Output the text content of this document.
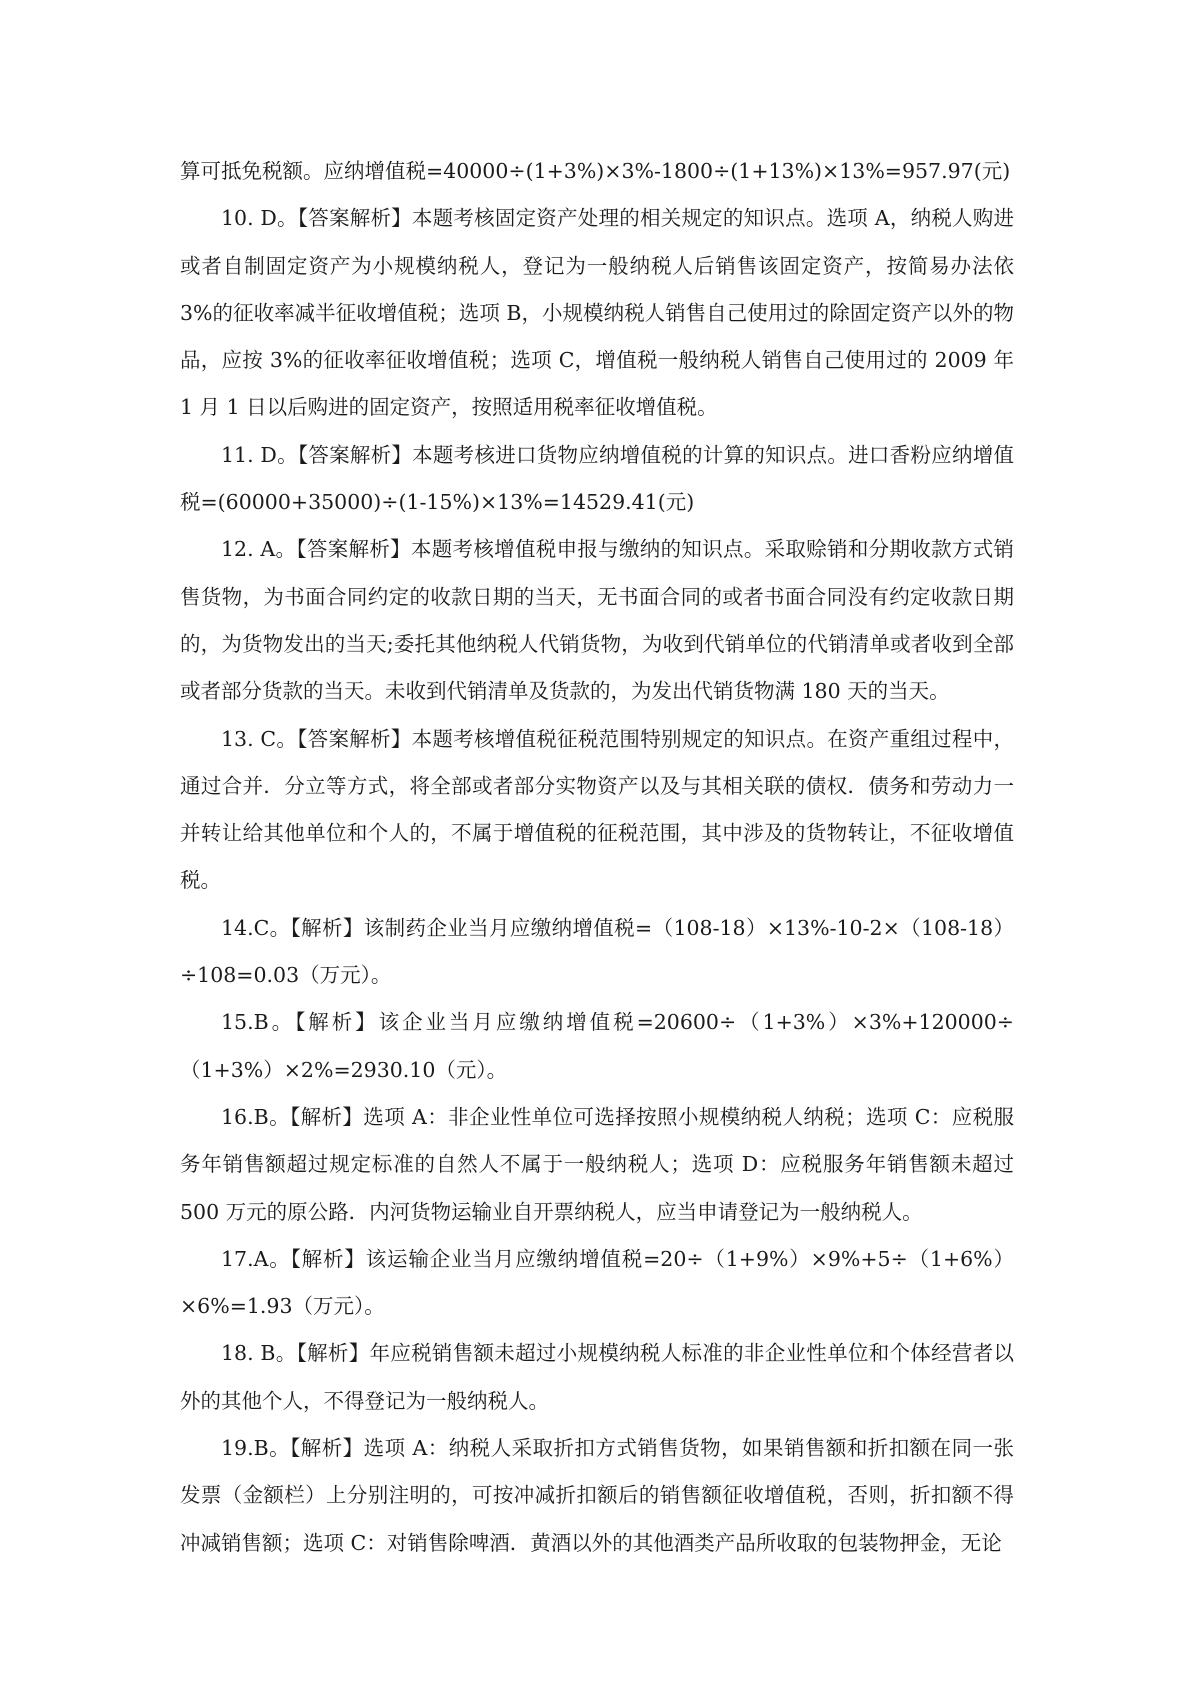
算可抵免税额。应纳增值税=40000÷(1+3%)×3%-1800÷(1+13%)×13%=957.97(元)

10. D。【答案解析】本题考核固定资产处理的相关规定的知识点。选项 A，纳税人购进或者自制固定资产为小规模纳税人，登记为一般纳税人后销售该固定资产，按简易办法依 3%的征收率减半征收增值税；选项 B，小规模纳税人销售自己使用过的除固定资产以外的物品，应按 3%的征收率征收增值税；选项 C，增值税一般纳税人销售自己使用过的 2009 年 1 月 1 日以后购进的固定资产，按照适用税率征收增值税。

11. D。【答案解析】本题考核进口货物应纳增值税的计算的知识点。进口香粉应纳增值税=(60000+35000)÷(1-15%)×13%=14529.41(元)

12. A。【答案解析】本题考核增值税申报与缴纳的知识点。采取赊销和分期收款方式销售货物，为书面合同约定的收款日期的当天，无书面合同的或者书面合同没有约定收款日期的，为货物发出的当天;委托其他纳税人代销货物，为收到代销单位的代销清单或者收到全部或者部分货款的当天。未收到代销清单及货款的，为发出代销货物满 180 天的当天。

13. C。【答案解析】本题考核增值税征税范围特别规定的知识点。在资产重组过程中，通过合并．分立等方式，将全部或者部分实物资产以及与其相关联的债权．债务和劳动力一并转让给其他单位和个人的，不属于增值税的征税范围，其中涉及的货物转让，不征收增值税。

14.C。【解析】该制药企业当月应缴纳增值税=（108-18）×13%-10-2×（108-18）÷108=0.03（万元）。

15.B。【解析】该企业当月应缴纳增值税=20600÷（1+3%）×3%+120000÷（1+3%）×2%=2930.10（元）。

16.B。【解析】选项 A：非企业性单位可选择按照小规模纳税人纳税；选项 C：应税服务年销售额超过规定标准的自然人不属于一般纳税人；选项 D：应税服务年销售额未超过 500 万元的原公路．内河货物运输业自开票纳税人，应当申请登记为一般纳税人。

17.A。【解析】该运输企业当月应缴纳增值税=20÷（1+9%）×9%+5÷（1+6%）×6%=1.93（万元）。

18. B。【解析】年应税销售额未超过小规模纳税人标准的非企业性单位和个体经营者以外的其他个人，不得登记为一般纳税人。

19.B。【解析】选项 A：纳税人采取折扣方式销售货物，如果销售额和折扣额在同一张发票（金额栏）上分别注明的，可按冲减折扣额后的销售额征收增值税，否则，折扣额不得冲减销售额；选项 C：对销售除啤酒．黄酒以外的其他酒类产品所收取的包装物押金，无论
